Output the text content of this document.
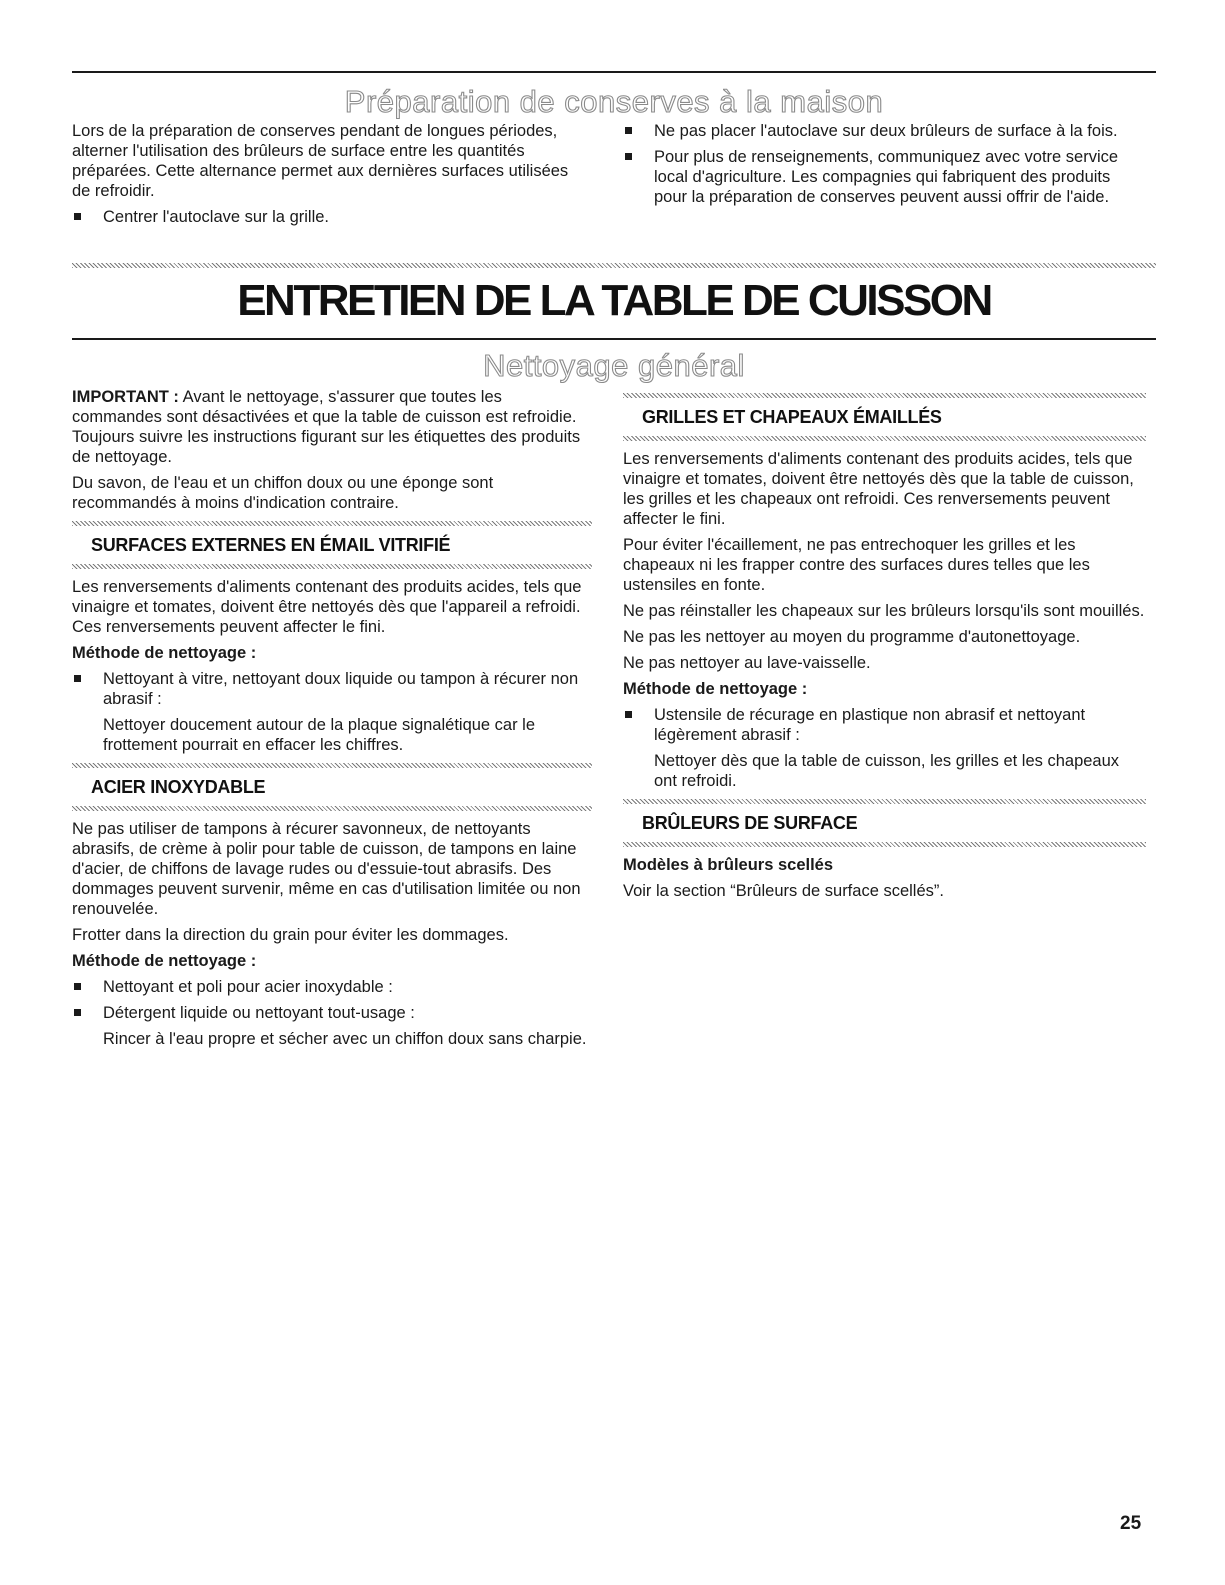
Préparation de conserves à la maison

Lors de la préparation de conserves pendant de longues périodes, alterner l'utilisation des brûleurs de surface entre les quantités préparées. Cette alternance permet aux dernières surfaces utilisées de refroidir.

Centrer l'autoclave sur la grille.
Ne pas placer l'autoclave sur deux brûleurs de surface à la fois.
Pour plus de renseignements, communiquez avec votre service local d'agriculture. Les compagnies qui fabriquent des produits pour la préparation de conserves peuvent aussi offrir de l'aide.
ENTRETIEN DE LA TABLE DE CUISSON
Nettoyage général

IMPORTANT : Avant le nettoyage, s'assurer que toutes les commandes sont désactivées et que la table de cuisson est refroidie. Toujours suivre les instructions figurant sur les étiquettes des produits de nettoyage.

Du savon, de l'eau et un chiffon doux ou une éponge sont recommandés à moins d'indication contraire.

SURFACES EXTERNES EN ÉMAIL VITRIFIÉ

Les renversements d'aliments contenant des produits acides, tels que vinaigre et tomates, doivent être nettoyés dès que l'appareil a refroidi. Ces renversements peuvent affecter le fini.

Méthode de nettoyage :

Nettoyant à vitre, nettoyant doux liquide ou tampon à récurer non abrasif :

Nettoyer doucement autour de la plaque signalétique car le frottement pourrait en effacer les chiffres.

ACIER INOXYDABLE

Ne pas utiliser de tampons à récurer savonneux, de nettoyants abrasifs, de crème à polir pour table de cuisson, de tampons en laine d'acier, de chiffons de lavage rudes ou d'essuie-tout abrasifs. Des dommages peuvent survenir, même en cas d'utilisation limitée ou non renouvelée.

Frotter dans la direction du grain pour éviter les dommages.

Méthode de nettoyage :

Nettoyant et poli pour acier inoxydable :
Détergent liquide ou nettoyant tout-usage :

Rincer à l'eau propre et sécher avec un chiffon doux sans charpie.

GRILLES ET CHAPEAUX ÉMAILLÉS

Les renversements d'aliments contenant des produits acides, tels que vinaigre et tomates, doivent être nettoyés dès que la table de cuisson, les grilles et les chapeaux ont refroidi. Ces renversements peuvent affecter le fini.

Pour éviter l'écaillement, ne pas entrechoquer les grilles et les chapeaux ni les frapper contre des surfaces dures telles que les ustensiles en fonte.

Ne pas réinstaller les chapeaux sur les brûleurs lorsqu'ils sont mouillés.

Ne pas les nettoyer au moyen du programme d'autonettoyage.

Ne pas nettoyer au lave-vaisselle.

Méthode de nettoyage :

Ustensile de récurage en plastique non abrasif et nettoyant légèrement abrasif :

Nettoyer dès que la table de cuisson, les grilles et les chapeaux ont refroidi.

BRÛLEURS DE SURFACE

Modèles à brûleurs scellés

Voir la section “Brûleurs de surface scellés”.

25
